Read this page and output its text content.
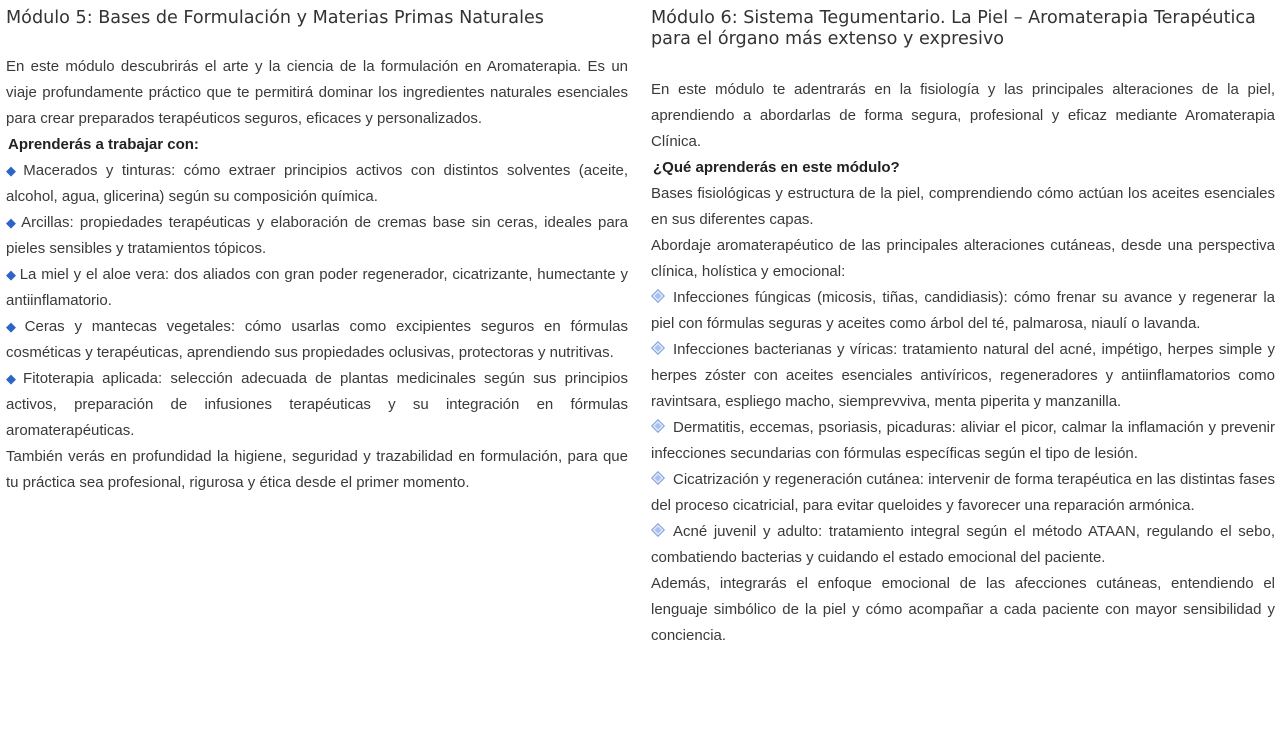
Módulo 5: Bases de Formulación y Materias Primas Naturales

En este módulo descubrirás el arte y la ciencia de la formulación en Aromaterapia. Es un viaje profundamente práctico que te permitirá dominar los ingredientes naturales esenciales para crear preparados terapéuticos seguros, eficaces y personalizados.

Aprenderás a trabajar con:

◆ Macerados y tinturas: cómo extraer principios activos con distintos solventes (aceite, alcohol, agua, glicerina) según su composición química.

◆ Arcillas: propiedades terapéuticas y elaboración de cremas base sin ceras, ideales para pieles sensibles y tratamientos tópicos.

◆ La miel y el aloe vera: dos aliados con gran poder regenerador, cicatrizante, humectante y antiinflamatorio.

◆ Ceras y mantecas vegetales: cómo usarlas como excipientes seguros en fórmulas cosméticas y terapéuticas, aprendiendo sus propiedades oclusivas, protectoras y nutritivas.

◆ Fitoterapia aplicada: selección adecuada de plantas medicinales según sus principios activos, preparación de infusiones terapéuticas y su integración en fórmulas aromaterapéuticas.

También verás en profundidad la higiene, seguridad y trazabilidad en formulación, para que tu práctica sea profesional, rigurosa y ética desde el primer momento.

Módulo 6: Sistema Tegumentario. La Piel – Aromaterapia Terapéutica para el órgano más extenso y expresivo

En este módulo te adentrarás en la fisiología y las principales alteraciones de la piel, aprendiendo a abordarlas de forma segura, profesional y eficaz mediante Aromaterapia Clínica.

¿Qué aprenderás en este módulo?

Bases fisiológicas y estructura de la piel, comprendiendo cómo actúan los aceites esenciales en sus diferentes capas.

Abordaje aromaterapéutico de las principales alteraciones cutáneas, desde una perspectiva clínica, holística y emocional:

Infecciones fúngicas (micosis, tiñas, candidiasis): cómo frenar su avance y regenerar la piel con fórmulas seguras y aceites como árbol del té, palmarosa, niaulí o lavanda.

Infecciones bacterianas y víricas: tratamiento natural del acné, impétigo, herpes simple y herpes zóster con aceites esenciales antivíricos, regeneradores y antiinflamatorios como ravintsara, espliego macho, siemprevviva, menta piperita y manzanilla.

Dermatitis, eccemas, psoriasis, picaduras: aliviar el picor, calmar la inflamación y prevenir infecciones secundarias con fórmulas específicas según el tipo de lesión.

Cicatrización y regeneración cutánea: intervenir de forma terapéutica en las distintas fases del proceso cicatricial, para evitar queloides y favorecer una reparación armónica.

Acné juvenil y adulto: tratamiento integral según el método ATAAN, regulando el sebo, combatiendo bacterias y cuidando el estado emocional del paciente.

Además, integrarás el enfoque emocional de las afecciones cutáneas, entendiendo el lenguaje simbólico de la piel y cómo acompañar a cada paciente con mayor sensibilidad y conciencia.
